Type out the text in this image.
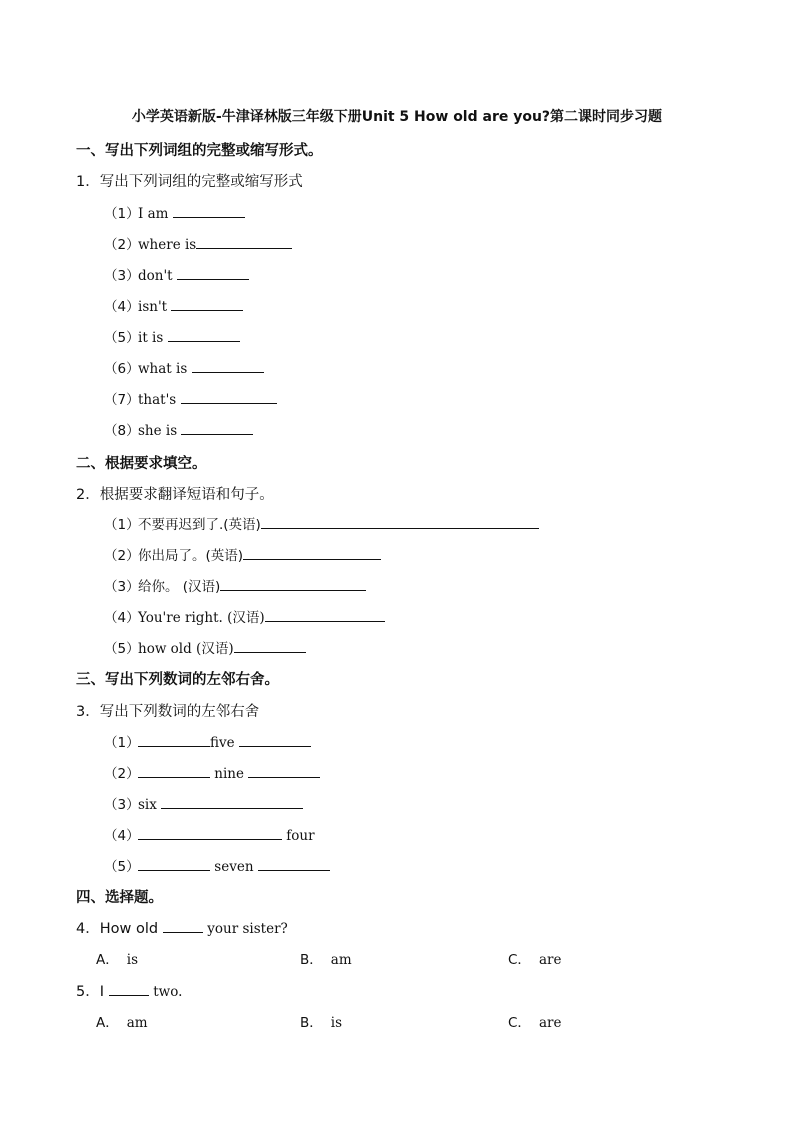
小学英语新版-牛津译林版三年级下册Unit 5 How old are you?第二课时同步习题
一、写出下列词组的完整或缩写形式。
1．写出下列词组的完整或缩写形式
（1）I am
（2）where is
（3）don't
（4）isn't
（5）it is
（6）what is
（7）that's
（8）she is
二、根据要求填空。
2．根据要求翻译短语和句子。
（1）不要再迟到了.(英语)
（2）你出局了。(英语)
（3）给你。 (汉语)
（4）You're right. (汉语)
（5）how old (汉语)
三、写出下列数词的左邻右舍。
3．写出下列数词的左邻右舍
（1）	five
（2）	nine
（3）six
（4）	four
（5）	seven
四、选择题。
4．How old	your sister?
A． is	B． am	C． are
5．I	two.
A． am	B． is	C． are
